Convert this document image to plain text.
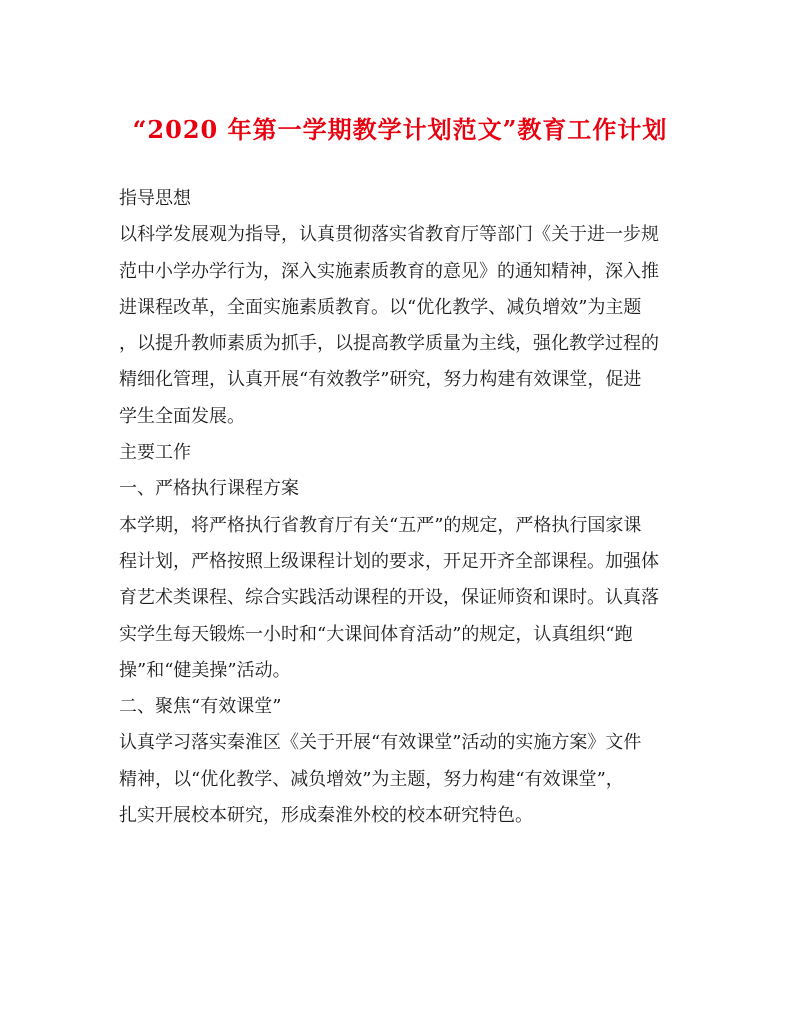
“2020 年第一学期教学计划范文”教育工作计划

指导思想

以科学发展观为指导，认真贯彻落实省教育厅等部门《关于进一步规

范中小学办学行为，深入实施素质教育的意见》的通知精神，深入推

进课程改革，全面实施素质教育。以“优化教学、减负增效”为主题

，以提升教师素质为抓手，以提高教学质量为主线，强化教学过程的

精细化管理，认真开展“有效教学”研究，努力构建有效课堂，促进

学生全面发展。

主要工作

一、严格执行课程方案

本学期，将严格执行省教育厅有关“五严”的规定，严格执行国家课

程计划，严格按照上级课程计划的要求，开足开齐全部课程。加强体

育艺术类课程、综合实践活动课程的开设，保证师资和课时。认真落

实学生每天锻炼一小时和“大课间体育活动”的规定，认真组织“跑

操”和“健美操”活动。

二、聚焦“有效课堂”

认真学习落实秦淮区《关于开展“有效课堂”活动的实施方案》文件

精神，以“优化教学、减负增效”为主题，努力构建“有效课堂”，

扎实开展校本研究，形成秦淮外校的校本研究特色。
